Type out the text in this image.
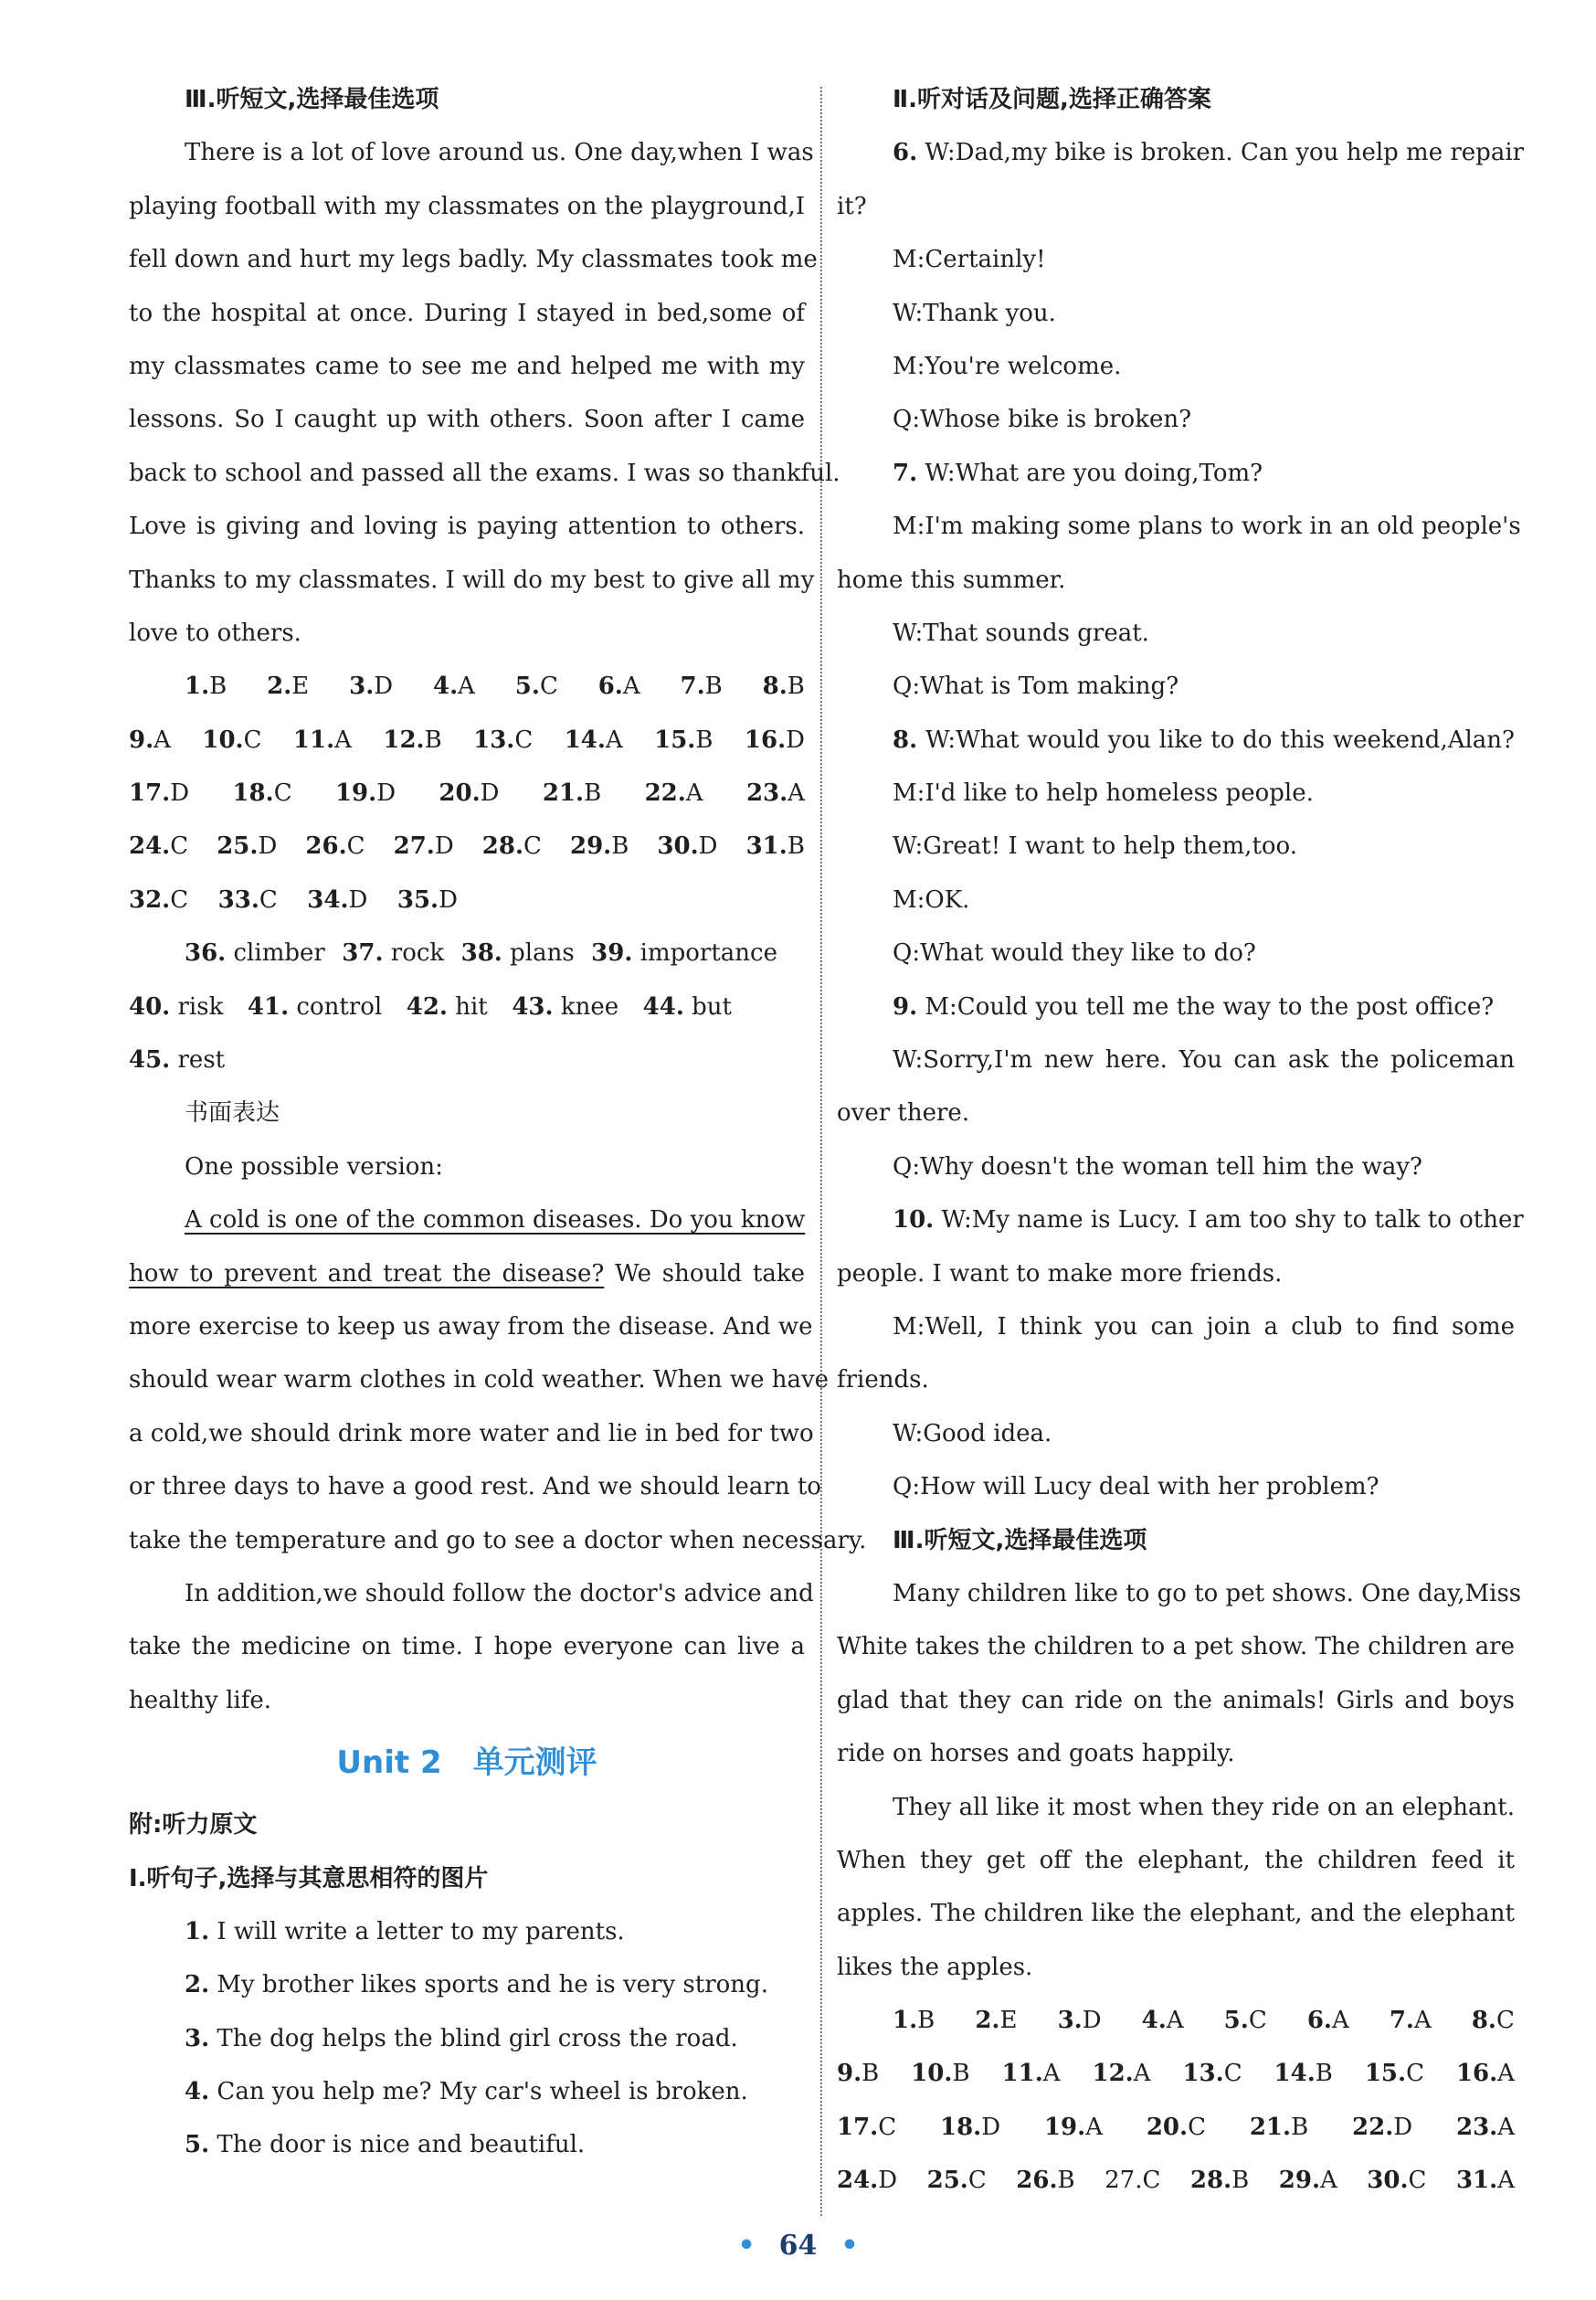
Ⅲ.听短文,选择最佳选项
There is a lot of love around us. One day,when I was
playing football with my classmates on the playground,I
fell down and hurt my legs badly. My classmates took me
to the hospital at once. During I stayed in bed,some of
my classmates came to see me and helped me with my
lessons. So I caught up with others. Soon after I came
back to school and passed all the exams. I was so thankful.
Love is giving and loving is paying attention to others.
Thanks to my classmates. I will do my best to give all my
love to others.
1.B 2.E 3.D 4.A 5.C 6.A 7.B 8.B
9.A 10.C 11.A 12.B 13.C 14.A 15.B 16.D
17.D 18.C 19.D 20.D 21.B 22.A 23.A
24.C 25.D 26.C 27.D 28.C 29.B 30.D 31.B
32.C 33.C 34.D 35.D
36. climber 37. rock 38. plans 39. importance
40. risk 41. control 42. hit 43. knee 44. but
45. rest
书面表达
One possible version:
A cold is one of the common diseases. Do you know
how to prevent and treat the disease? We should take
more exercise to keep us away from the disease. And we
should wear warm clothes in cold weather. When we have
a cold,we should drink more water and lie in bed for two
or three days to have a good rest. And we should learn to
take the temperature and go to see a doctor when necessary.
In addition,we should follow the doctor's advice and
take the medicine on time. I hope everyone can live a
healthy life.
Unit 2　单元测评
附:听力原文
Ⅰ.听句子,选择与其意思相符的图片
1. I will write a letter to my parents.
2. My brother likes sports and he is very strong.
3. The dog helps the blind girl cross the road.
4. Can you help me? My car's wheel is broken.
5. The door is nice and beautiful.
Ⅱ.听对话及问题,选择正确答案
6. W:Dad,my bike is broken. Can you help me repair
it?
M:Certainly!
W:Thank you.
M:You're welcome.
Q:Whose bike is broken?
7. W:What are you doing,Tom?
M:I'm making some plans to work in an old people's
home this summer.
W:That sounds great.
Q:What is Tom making?
8. W:What would you like to do this weekend,Alan?
M:I'd like to help homeless people.
W:Great! I want to help them,too.
M:OK.
Q:What would they like to do?
9. M:Could you tell me the way to the post office?
W:Sorry,I'm new here. You can ask the policeman
over there.
Q:Why doesn't the woman tell him the way?
10. W:My name is Lucy. I am too shy to talk to other
people. I want to make more friends.
M:Well, I think you can join a club to find some
friends.
W:Good idea.
Q:How will Lucy deal with her problem?
Ⅲ.听短文,选择最佳选项
Many children like to go to pet shows. One day,Miss
White takes the children to a pet show. The children are
glad that they can ride on the animals! Girls and boys
ride on horses and goats happily.
They all like it most when they ride on an elephant.
When they get off the elephant, the children feed it
apples. The children like the elephant, and the elephant
likes the apples.
1.B 2.E 3.D 4.A 5.C 6.A 7.A 8.C
9.B 10.B 11.A 12.A 13.C 14.B 15.C 16.A
17.C 18.D 19.A 20.C 21.B 22.D 23.A
24.D 25.C 26.B 27.C 28.B 29.A 30.C 31.A
• 64 •
